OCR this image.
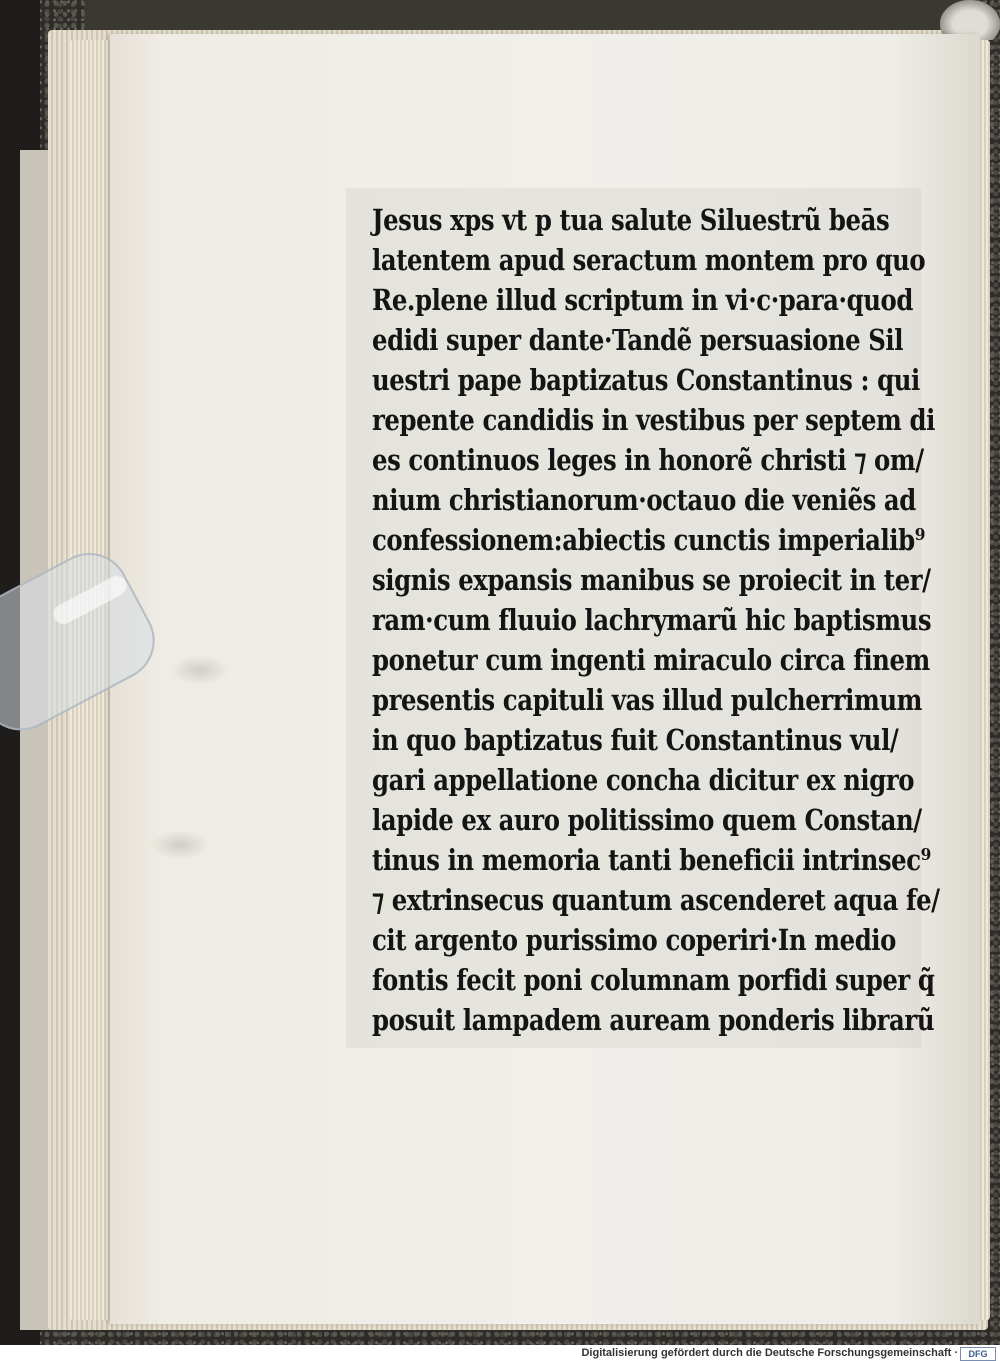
Jesus xps vt p tua salute Siluestrũ beās
latentem apud seractum montem pro quo
Re.plene illud scriptum in vi·c·para·quod
edidi super dante·Tandẽ persuasione Sil
uestri pape baptizatus Constantinus : qui
repente candidis in vestibus per septem di
es continuos leges in honorẽ christi ⁊ om/
nium christianorum·octauo die veniẽs ad
confessionem:abiectis cunctis imperialib⁹
signis expansis manibus se proiecit in ter/
ram·cum fluuio lachrymarũ hic baptismus
ponetur cum ingenti miraculo circa finem
presentis capituli vas illud pulcherrimum
in quo baptizatus fuit Constantinus vul/
gari appellatione concha dicitur ex nigro
lapide ex auro politissimo quem Constan/
tinus in memoria tanti beneficii intrinsec⁹
⁊ extrinsecus quantum ascenderet aqua fe/
cit argento purissimo coperiri·In medio
fontis fecit poni columnam porfidi super q̃
posuit lampadem auream ponderis librarũ
Digitalisierung gefördert durch die Deutsche Forschungsgemeinschaft ·	DFG
